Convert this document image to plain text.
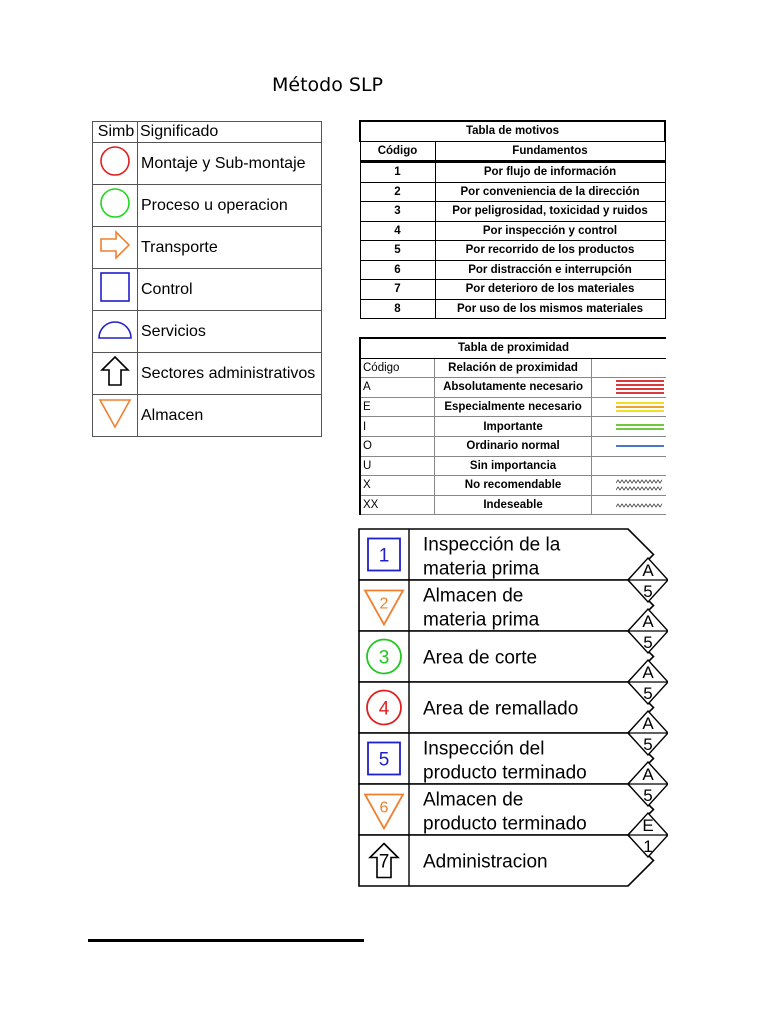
Método SLP
Simb	Significado
	Montaje y Sub-montaje
	Proceso u operacion
	Transporte
	Control
	Servicios
	Sectores administrativos
	Almacen
Tabla de motivos	
Código	Fundamentos
1	Por flujo de información
2	Por conveniencia de la dirección
3	Por peligrosidad, toxicidad y ruidos
4	Por inspección y control
5	Por recorrido de los productos
6	Por distracción e interrupción
7	Por deterioro de los materiales
8	Por uso de los mismos materiales
Tabla de proximidad		
Código	Relación de proximidad	
A	Absolutamente necesario	

E	Especialmente necesario	

I	Importante	

O	Ordinario normal	

U	Sin importancia	

X	No recomendable	

XX	Indeseable	
1
Inspección de la
materia prima
2 Almacen de
materia prima
3 Area de corte
4 Area de remallado
5
Inspección del
producto terminado
6 Almacen de
producto terminado
7 Administracion
A
5
A
5
A
5
A
5
A
5
E
1
